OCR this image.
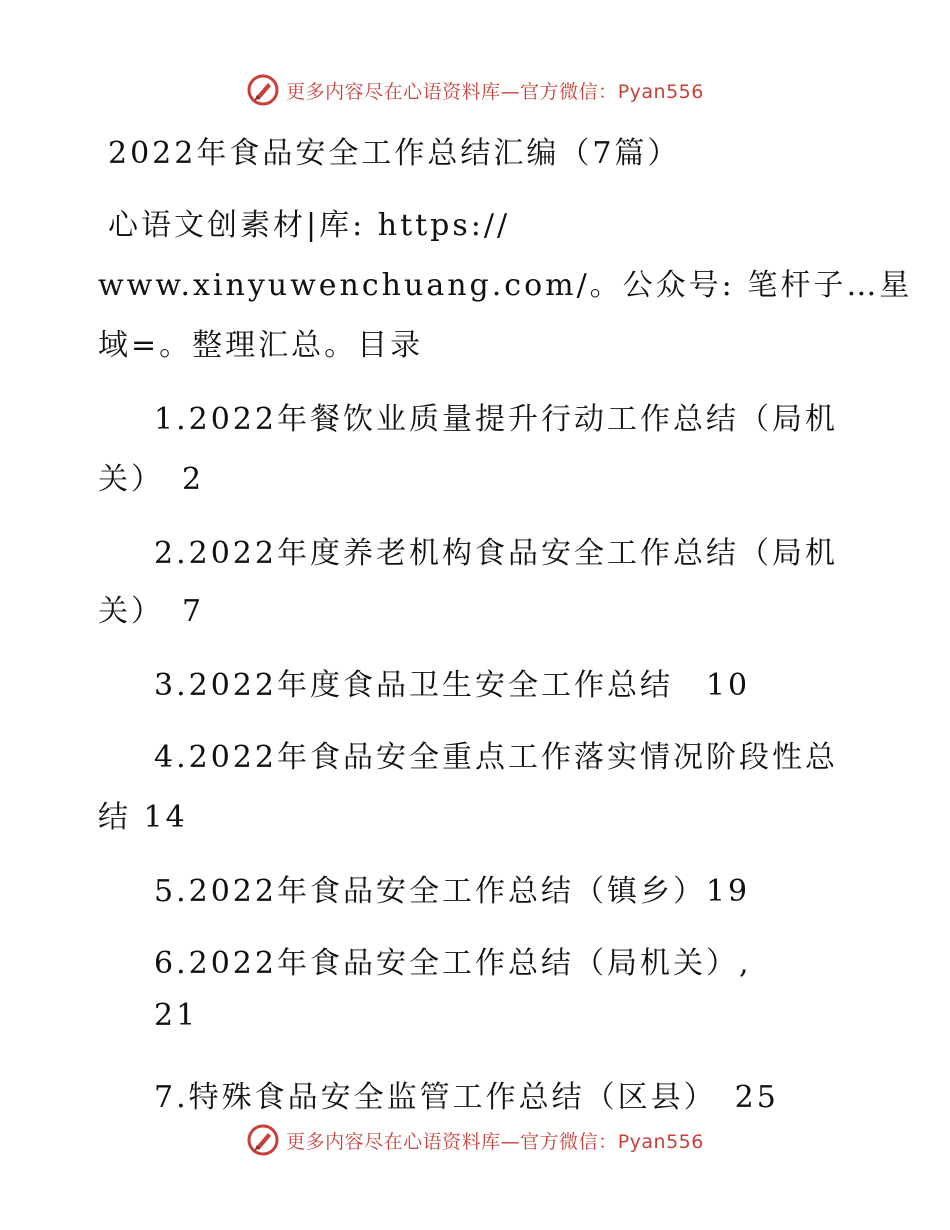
更多内容尽在心语资料库—官方微信：Pyan556
2022年食品安全工作总结汇编（7篇）
心语文创素材|库: https://
www.xinyuwenchuang.com/。公众号: 笔杆子…星
域=。整理汇总。目录
1.2022年餐饮业质量提升行动工作总结（局机
关）　2
2.2022年度养老机构食品安全工作总结（局机
关）　7
3.2022年度食品卫生安全工作总结　10
4.2022年食品安全重点工作落实情况阶段性总
结 14
5.2022年食品安全工作总结（镇乡）19
6.2022年食品安全工作总结（局机关）,
21
7.特殊食品安全监管工作总结（区县）　25
更多内容尽在心语资料库—官方微信：Pyan556
